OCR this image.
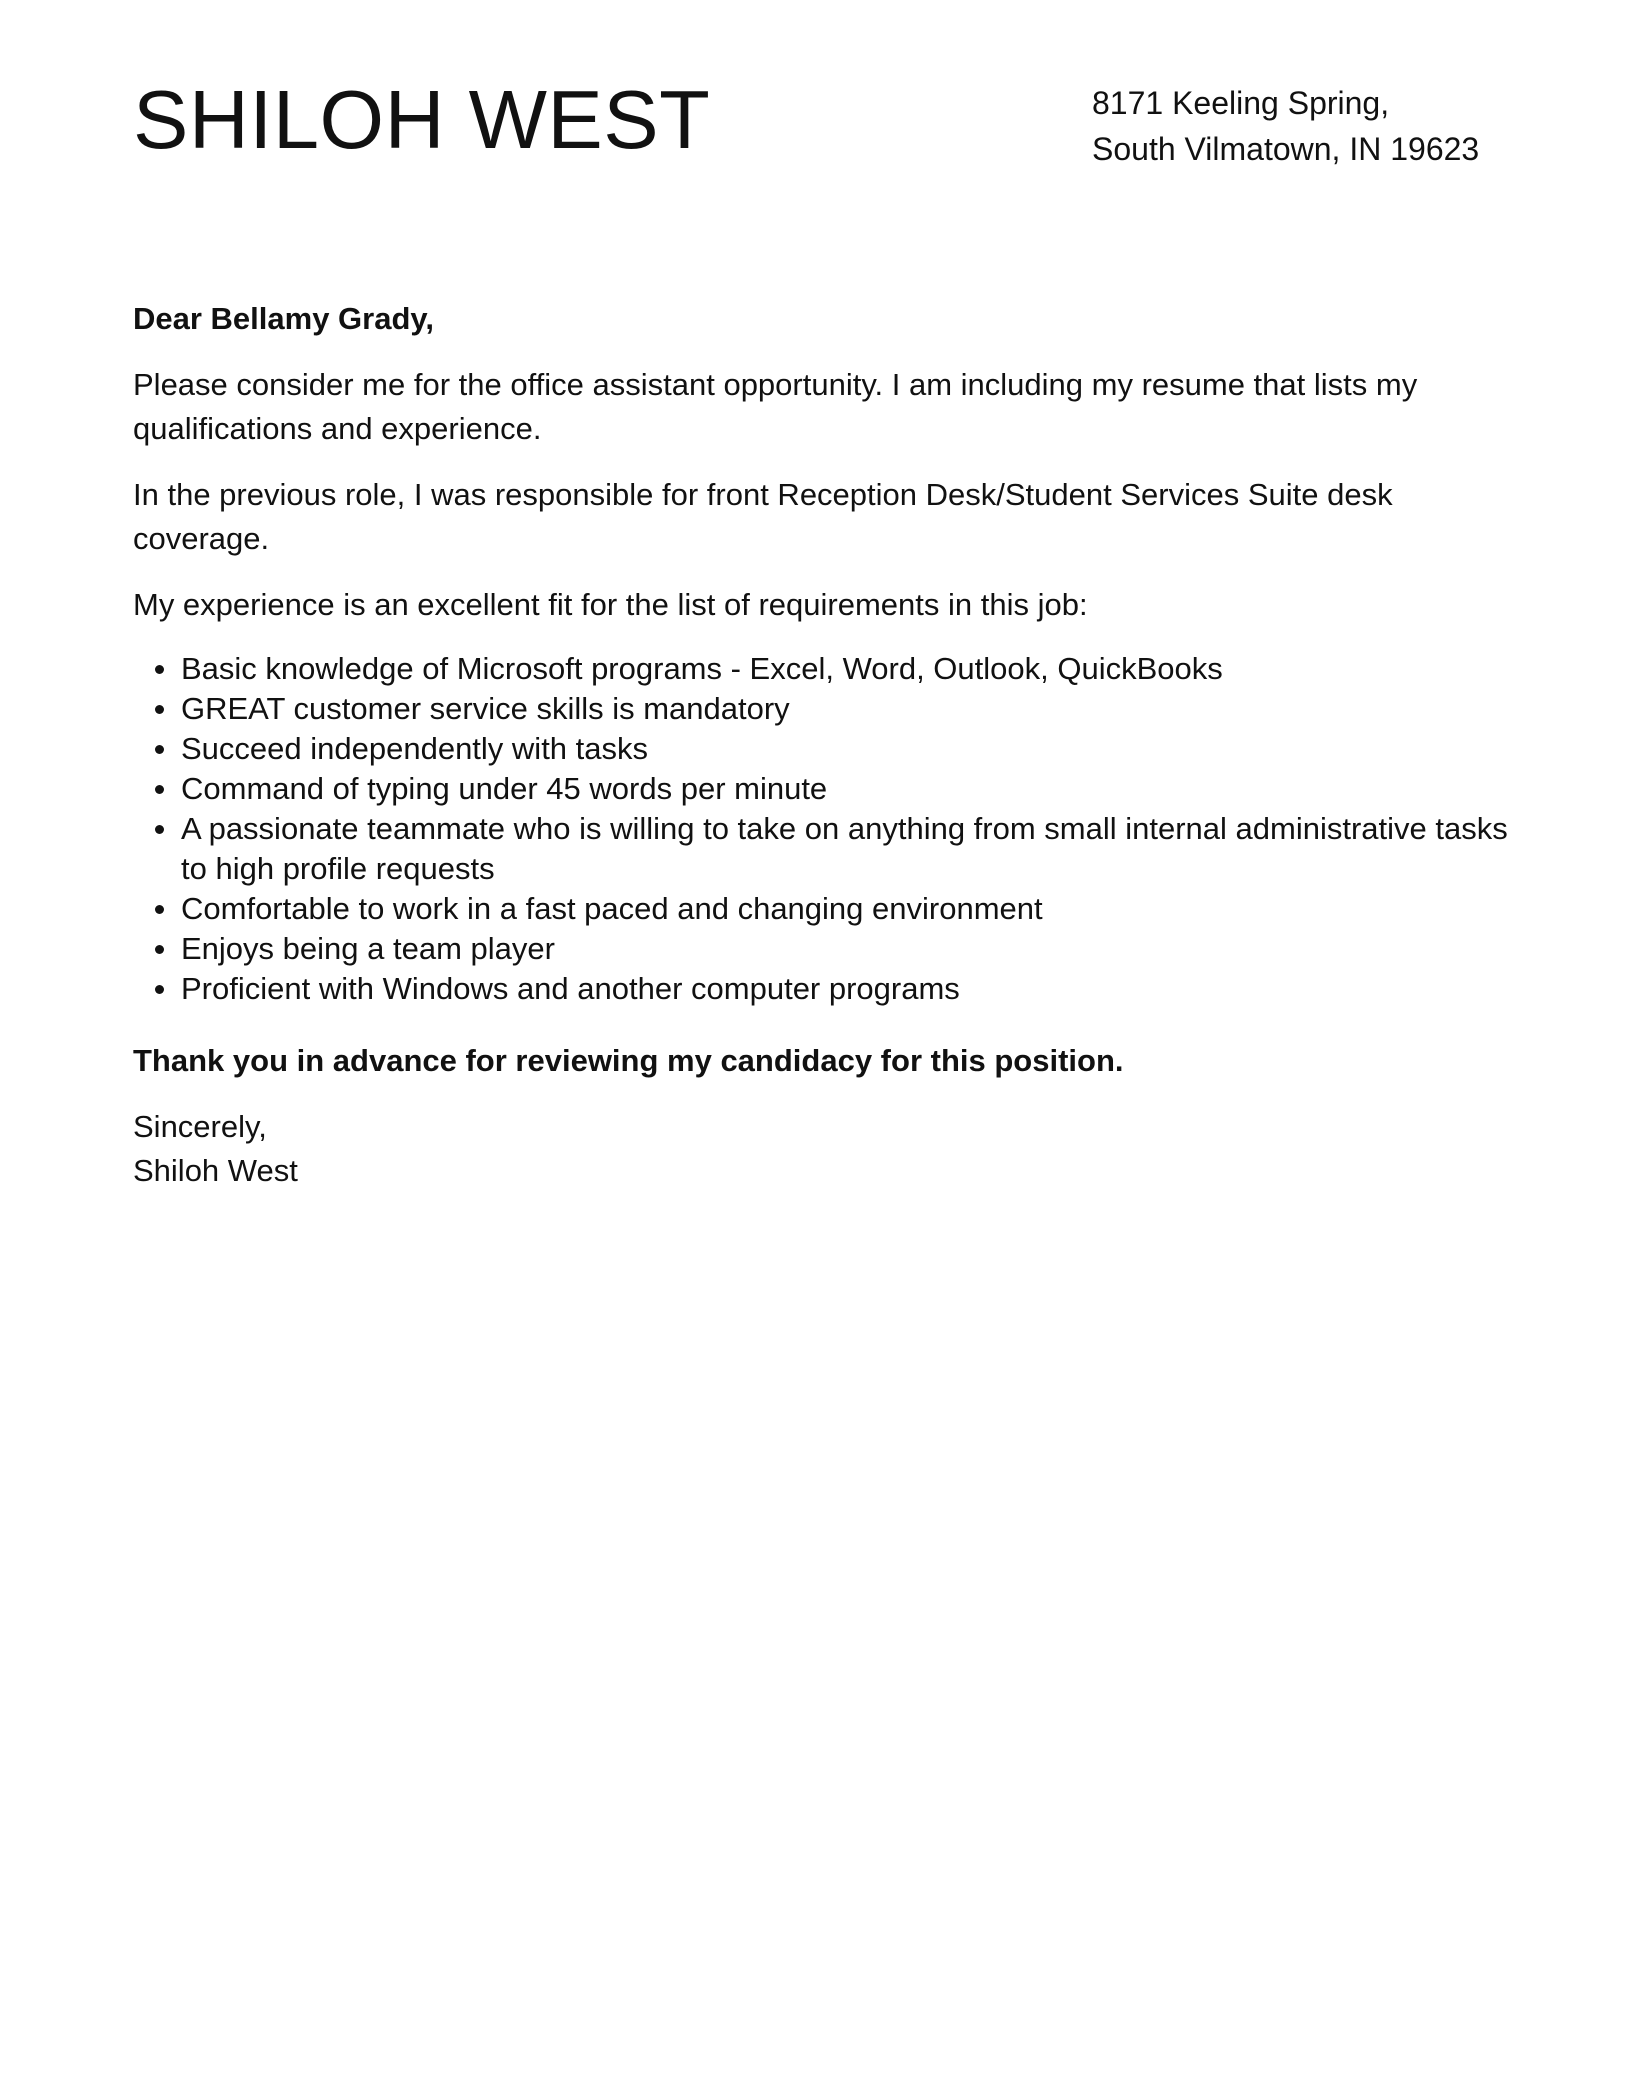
SHILOH WEST	8171 Keeling Spring,
South Vilmatown, IN 19623
Dear Bellamy Grady,
Please consider me for the office assistant opportunity. I am including my resume that lists my qualifications and experience.
In the previous role, I was responsible for front Reception Desk/Student Services Suite desk coverage.
My experience is an excellent fit for the list of requirements in this job:
Basic knowledge of Microsoft programs - Excel, Word, Outlook, QuickBooks
GREAT customer service skills is mandatory
Succeed independently with tasks
Command of typing under 45 words per minute
A passionate teammate who is willing to take on anything from small internal administrative tasks to high profile requests
Comfortable to work in a fast paced and changing environment
Enjoys being a team player
Proficient with Windows and another computer programs
Thank you in advance for reviewing my candidacy for this position.
Sincerely,
Shiloh West
